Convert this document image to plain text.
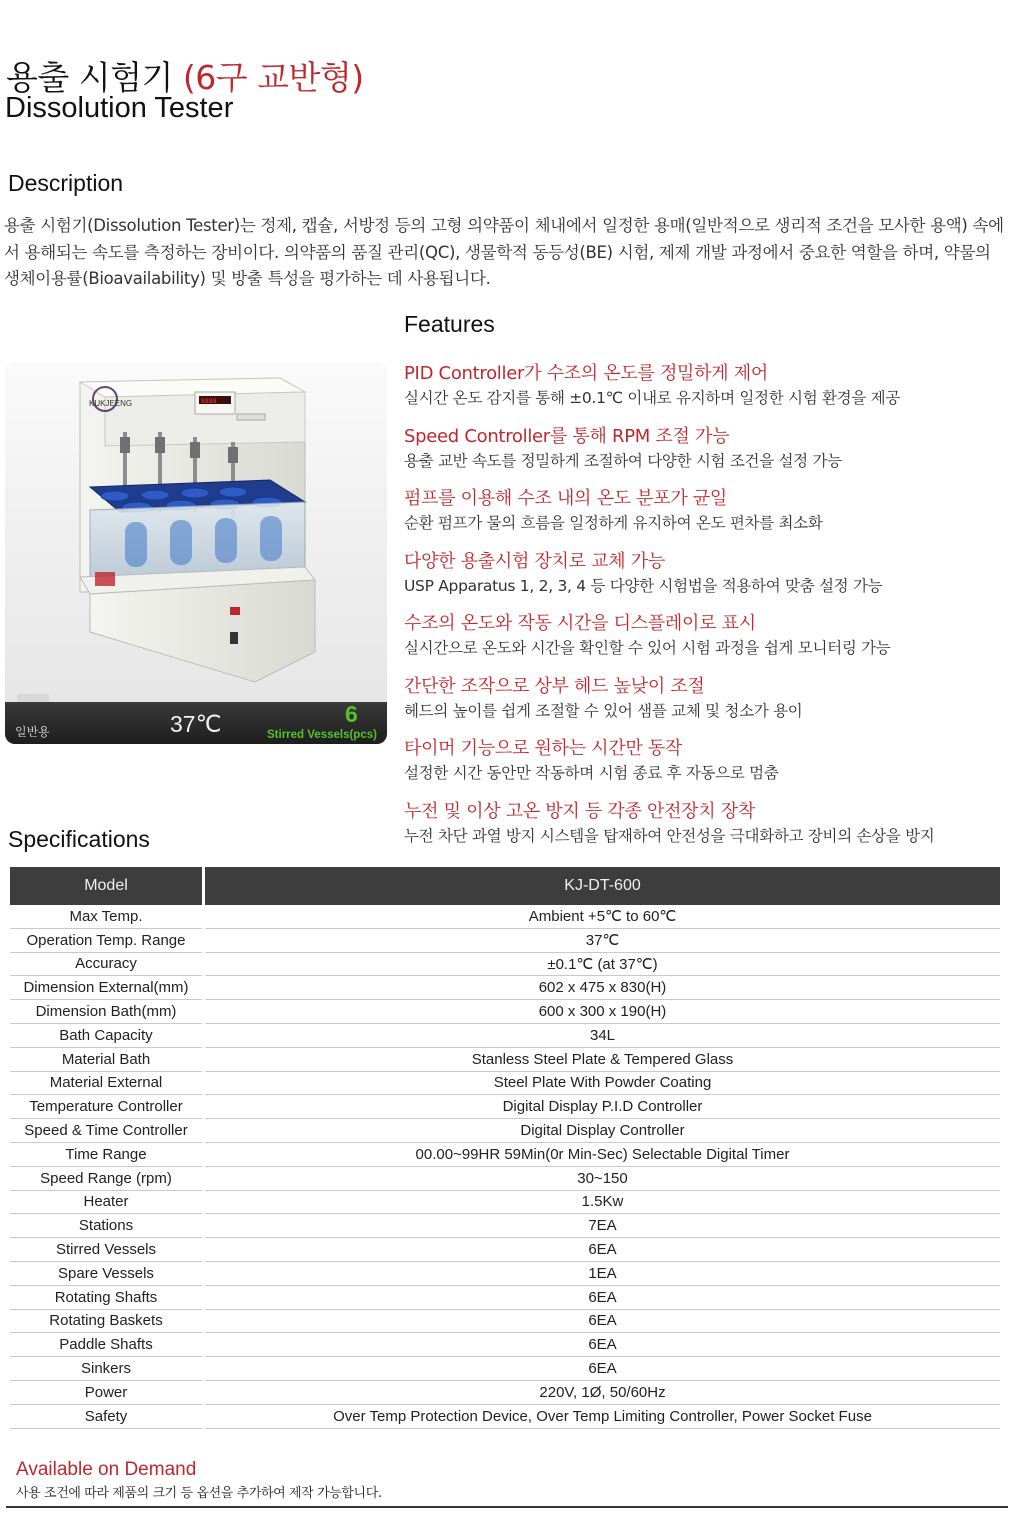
용출 시험기 (6구 교반형)
Dissolution Tester
Description
용출 시험기(Dissolution Tester)는 정제, 캡슐, 서방정 등의 고형 의약품이 체내에서 일정한 용매(일반적으로 생리적 조건을 모사한 용액) 속에서 용해되는 속도를 측정하는 장비이다. 의약품의 품질 관리(QC), 생물학적 동등성(BE) 시험, 제제 개발 과정에서 중요한 역할을 하며, 약물의 생체이용률(Bioavailability) 및 방출 특성을 평가하는 데 사용됩니다.
Features
KUKJEENG	8888
일반용	37℃	6
Stirred Vessels(pcs)
PID Controller가 수조의 온도를 정밀하게 제어
실시간 온도 감지를 통해 ±0.1℃ 이내로 유지하며 일정한 시험 환경을 제공
Speed Controller를 통해 RPM 조절 가능
용출 교반 속도를 정밀하게 조절하여 다양한 시험 조건을 설정 가능
펌프를 이용해 수조 내의 온도 분포가 균일
순환 펌프가 물의 흐름을 일정하게 유지하여 온도 편차를 최소화
다양한 용출시험 장치로 교체 가능
USP Apparatus 1, 2, 3, 4 등 다양한 시험법을 적용하여 맞춤 설정 가능
수조의 온도와 작동 시간을 디스플레이로 표시
실시간으로 온도와 시간을 확인할 수 있어 시험 과정을 쉽게 모니터링 가능
간단한 조작으로 상부 헤드 높낮이 조절
헤드의 높이를 쉽게 조절할 수 있어 샘플 교체 및 청소가 용이
타이머 기능으로 원하는 시간만 동작
설정한 시간 동안만 작동하며 시험 종료 후 자동으로 멈춤
누전 및 이상 고온 방지 등 각종 안전장치 장착
누전 차단 과열 방지 시스템을 탑재하여 안전성을 극대화하고 장비의 손상을 방지
Specifications
Model	KJ-DT-600
Max Temp.	Ambient +5℃ to 60℃
Operation Temp. Range	37℃
Accuracy	±0.1℃ (at 37℃)
Dimension External(mm)	602 x 475 x 830(H)
Dimension Bath(mm)	600 x 300 x 190(H)
Bath Capacity	34L
Material Bath	Stanless Steel Plate & Tempered Glass
Material External	Steel Plate With Powder Coating
Temperature Controller	Digital Display P.I.D Controller
Speed & Time Controller	Digital Display Controller
Time Range	00.00~99HR 59Min(0r Min-Sec) Selectable Digital Timer
Speed Range (rpm)	30~150
Heater	1.5Kw
Stations	7EA
Stirred Vessels	6EA
Spare Vessels	1EA
Rotating Shafts	6EA
Rotating Baskets	6EA
Paddle Shafts	6EA
Sinkers	6EA
Power	220V, 1Ø, 50/60Hz
Safety	Over Temp Protection Device, Over Temp Limiting Controller, Power Socket Fuse
Available on Demand
사용 조건에 따라 제품의 크기 등 옵션을 추가하여 제작 가능합니다.
